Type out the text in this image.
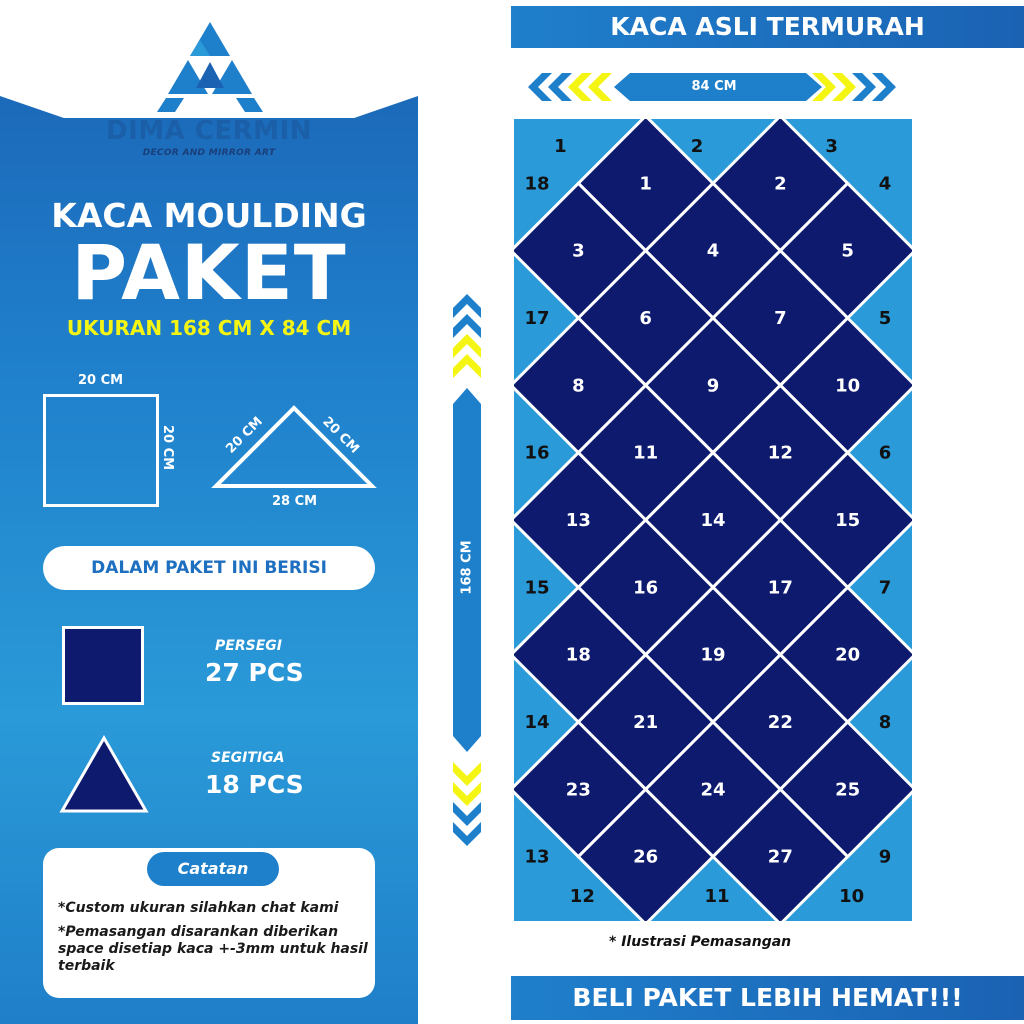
DIMA CERMIN
DECOR AND MIRROR ART
KACA MOULDING
PAKET
UKURAN 168 CM X 84 CM
20 CM
20 CM	20 CM	20 CM
28 CM
DALAM PAKET INI BERISI
PERSEGI
27 PCS
SEGITIGA
18 PCS
Catatan
*Custom ukuran silahkan chat kami
*Pemasangan disarankan diberikan space disetiap kaca +-3mm untuk hasil terbaik
KACA ASLI TERMURAH
84 CM
168 CM
1	2
3	4	5
6	7
8	9	10
11	12
13	14	15
16	17
18	19	20
21	22
23	24	25
26	27
1	2	3
4
5
6
7
8
9
10
11
12
13
14
15
16
17
18
* Ilustrasi Pemasangan
BELI PAKET LEBIH HEMAT!!!
